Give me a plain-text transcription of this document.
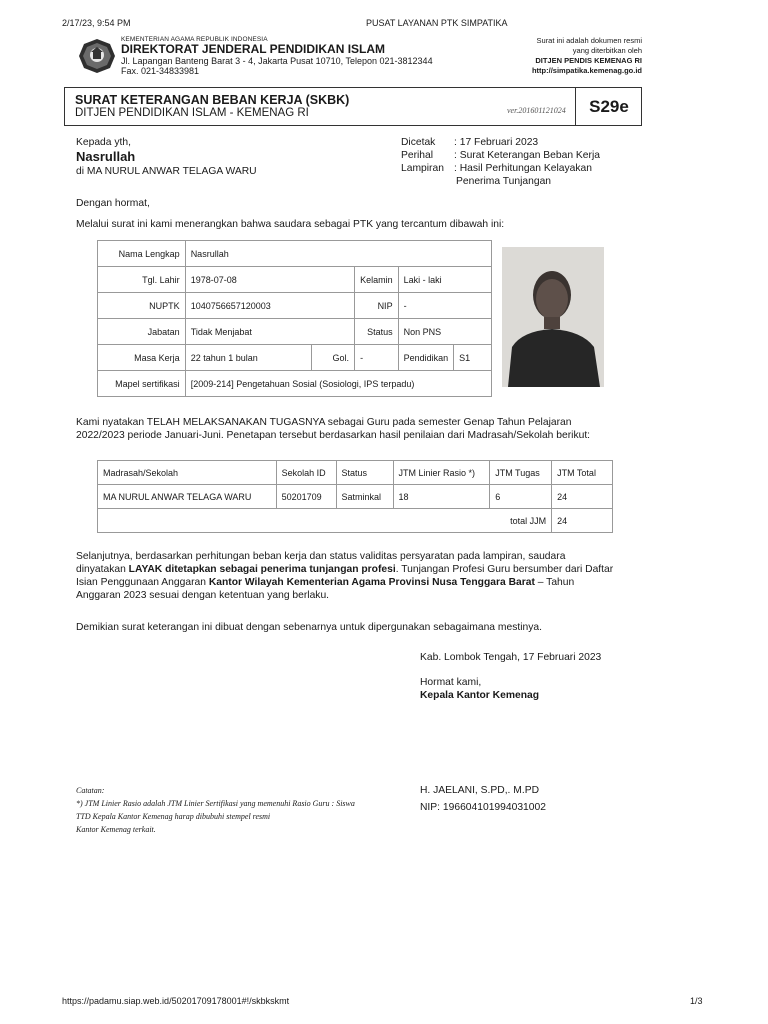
2/17/23, 9:54 PM	PUSAT LAYANAN PTK SIMPATIKA
KEMENTERIAN AGAMA REPUBLIK INDONESIA
DIREKTORAT JENDERAL PENDIDIKAN ISLAM
Jl. Lapangan Banteng Barat 3 - 4, Jakarta Pusat 10710, Telepon 021-3812344
Fax. 021-34833981
Surat ini adalah dokumen resmi
yang diterbitkan oleh
DITJEN PENDIS KEMENAG RI
http://simpatika.kemenag.go.id
SURAT KETERANGAN BEBAN KERJA (SKBK)
DITJEN PENDIDIKAN ISLAM - KEMENAG RI	ver.201601121024	S29e
Kepada yth,
Nasrullah
di MA NURUL ANWAR TELAGA WARU
Dicetak	: 17 Februari 2023
Perihal	: Surat Keterangan Beban Kerja
Lampiran : Hasil Perhitungan Kelayakan
Penerima Tunjangan
Dengan hormat,
Melalui surat ini kami menerangkan bahwa saudara sebagai PTK yang tercantum dibawah ini:
Nama Lengkap	Nasrullah				
Tgl. Lahir	1978-07-08		Kelamin	Laki - laki	
NUPTK	1040756657120003		NIP	-	
Jabatan	Tidak Menjabat		Status	Non PNS	
Masa Kerja	22 tahun 1 bulan	Gol.	-	Pendidikan	S1
Mapel sertifikasi	[2009-214] Pengetahuan Sosial (Sosiologi, IPS terpadu)				
Kami nyatakan TELAH MELAKSANAKAN TUGASNYA sebagai Guru pada semester Genap Tahun Pelajaran
2022/2023 periode Januari-Juni. Penetapan tersebut berdasarkan hasil penilaian dari Madrasah/Sekolah berikut:
Madrasah/Sekolah	Sekolah ID	Status	JTM Linier Rasio *)	JTM Tugas	JTM Total
MA NURUL ANWAR TELAGA WARU	50201709	Satminkal	18	6	24
total JJM					24
Selanjutnya, berdasarkan perhitungan beban kerja dan status validitas persyaratan pada lampiran, saudara
dinyatakan LAYAK ditetapkan sebagai penerima tunjangan profesi. Tunjangan Profesi Guru bersumber dari Daftar
Isian Penggunaan Anggaran Kantor Wilayah Kementerian Agama Provinsi Nusa Tenggara Barat – Tahun
Anggaran 2023 sesuai dengan ketentuan yang berlaku.
Demikian surat keterangan ini dibuat dengan sebenarnya untuk dipergunakan sebagaimana mestinya.
Kab. Lombok Tengah, 17 Februari 2023
Hormat kami,
Kepala Kantor Kemenag
H. JAELANI, S.PD,. M.PD
NIP: 196604101994031002
Catatan:
*) JTM Linier Rasio adalah JTM Linier Sertifikasi yang memenuhi Rasio Guru : Siswa
TTD Kepala Kantor Kemenag harap dibubuhi stempel resmi
Kantor Kemenag terkait.
https://padamu.siap.web.id/50201709178001#!/skbkskmt	1/3
